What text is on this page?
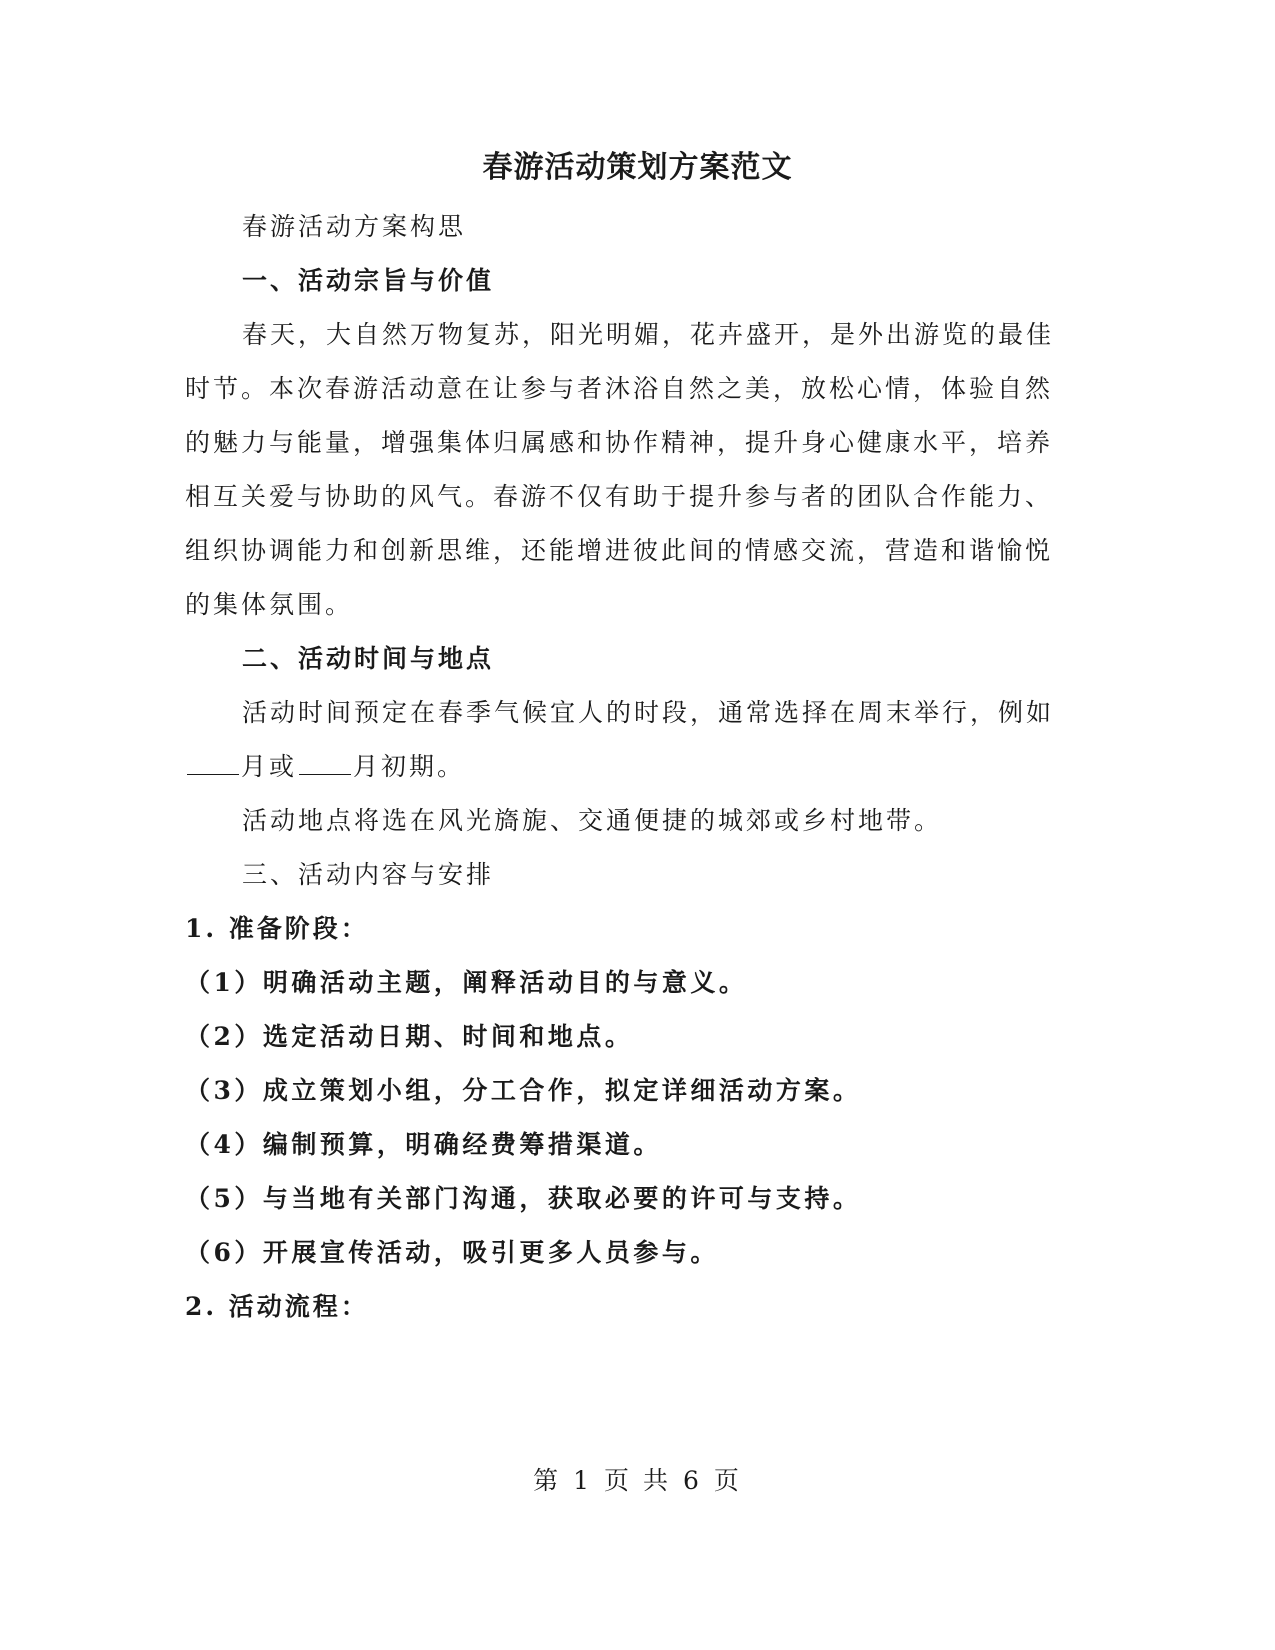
春游活动策划方案范文

春游活动方案构思

一、活动宗旨与价值

春天，大自然万物复苏，阳光明媚，花卉盛开，是外出游览的最佳时节。本次春游活动意在让参与者沐浴自然之美，放松心情，体验自然的魅力与能量，增强集体归属感和协作精神，提升身心健康水平，培养相互关爱与协助的风气。春游不仅有助于提升参与者的团队合作能力、组织协调能力和创新思维，还能增进彼此间的情感交流，营造和谐愉悦的集体氛围。

二、活动时间与地点

活动时间预定在春季气候宜人的时段，通常选择在周末举行，例如月或 月初期。

活动地点将选在风光旖旎、交通便捷的城郊或乡村地带。

三、活动内容与安排

1. 准备阶段：

（1）明确活动主题，阐释活动目的与意义。

（2）选定活动日期、时间和地点。

（3）成立策划小组，分工合作，拟定详细活动方案。

（4）编制预算，明确经费筹措渠道。

（5）与当地有关部门沟通，获取必要的许可与支持。

（6）开展宣传活动，吸引更多人员参与。

2. 活动流程：

第 1 页 共 6 页
